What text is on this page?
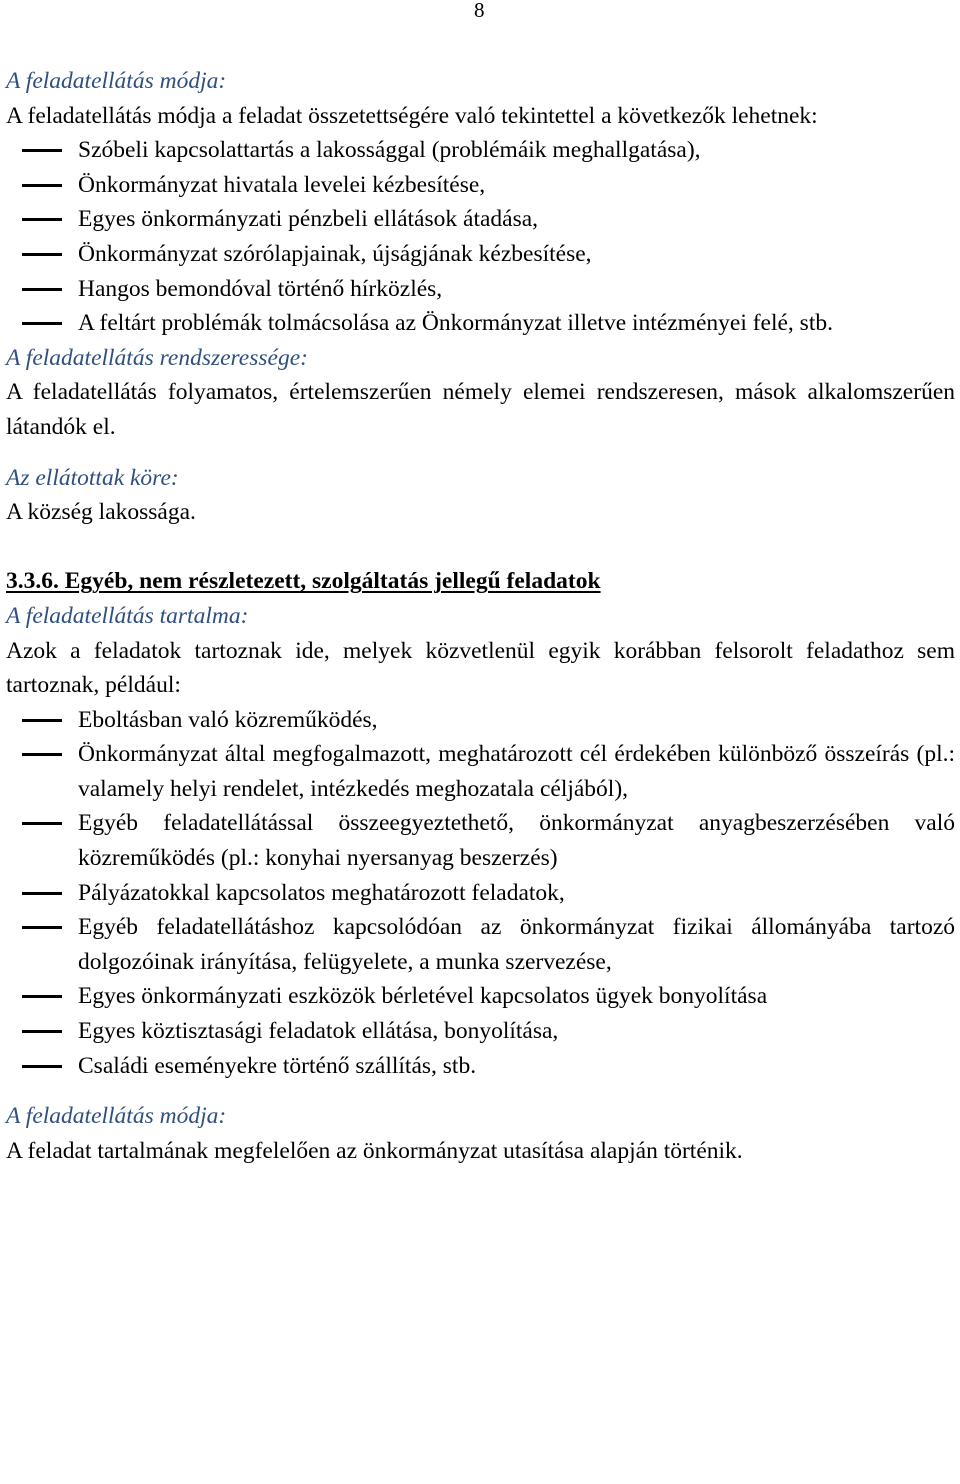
8

A feladatellátás módja:

A feladatellátás módja a feladat összetettségére való tekintettel a következők lehetnek:

Szóbeli kapcsolattartás a lakossággal (problémáik meghallgatása),
Önkormányzat hivatala levelei kézbesítése,
Egyes önkormányzati pénzbeli ellátások átadása,
Önkormányzat szórólapjainak, újságjának kézbesítése,
Hangos bemondóval történő hírközlés,
A feltárt problémák tolmácsolása az Önkormányzat illetve intézményei felé, stb.

A feladatellátás rendszeressége:

A feladatellátás folyamatos, értelemszerűen némely elemei rendszeresen, mások alkalomszerűen látandók el.

Az ellátottak köre:

A község lakossága.

3.3.6. Egyéb, nem részletezett, szolgáltatás jellegű feladatok

A feladatellátás tartalma:

Azok a feladatok tartoznak ide, melyek közvetlenül egyik korábban felsorolt feladathoz sem tartoznak, például:

Eboltásban való közreműködés,
Önkormányzat által megfogalmazott, meghatározott cél érdekében különböző összeírás (pl.: valamely helyi rendelet, intézkedés meghozatala céljából),
Egyéb feladatellátással összeegyeztethető, önkormányzat anyagbeszerzésében való közreműködés (pl.: konyhai nyersanyag beszerzés)
Pályázatokkal kapcsolatos meghatározott feladatok,
Egyéb feladatellátáshoz kapcsolódóan az önkormányzat fizikai állományába tartozó dolgozóinak irányítása, felügyelete, a munka szervezése,
Egyes önkormányzati eszközök bérletével kapcsolatos ügyek bonyolítása
Egyes köztisztasági feladatok ellátása, bonyolítása,
Családi eseményekre történő szállítás, stb.

A feladatellátás módja:

A feladat tartalmának megfelelően az önkormányzat utasítása alapján történik.
